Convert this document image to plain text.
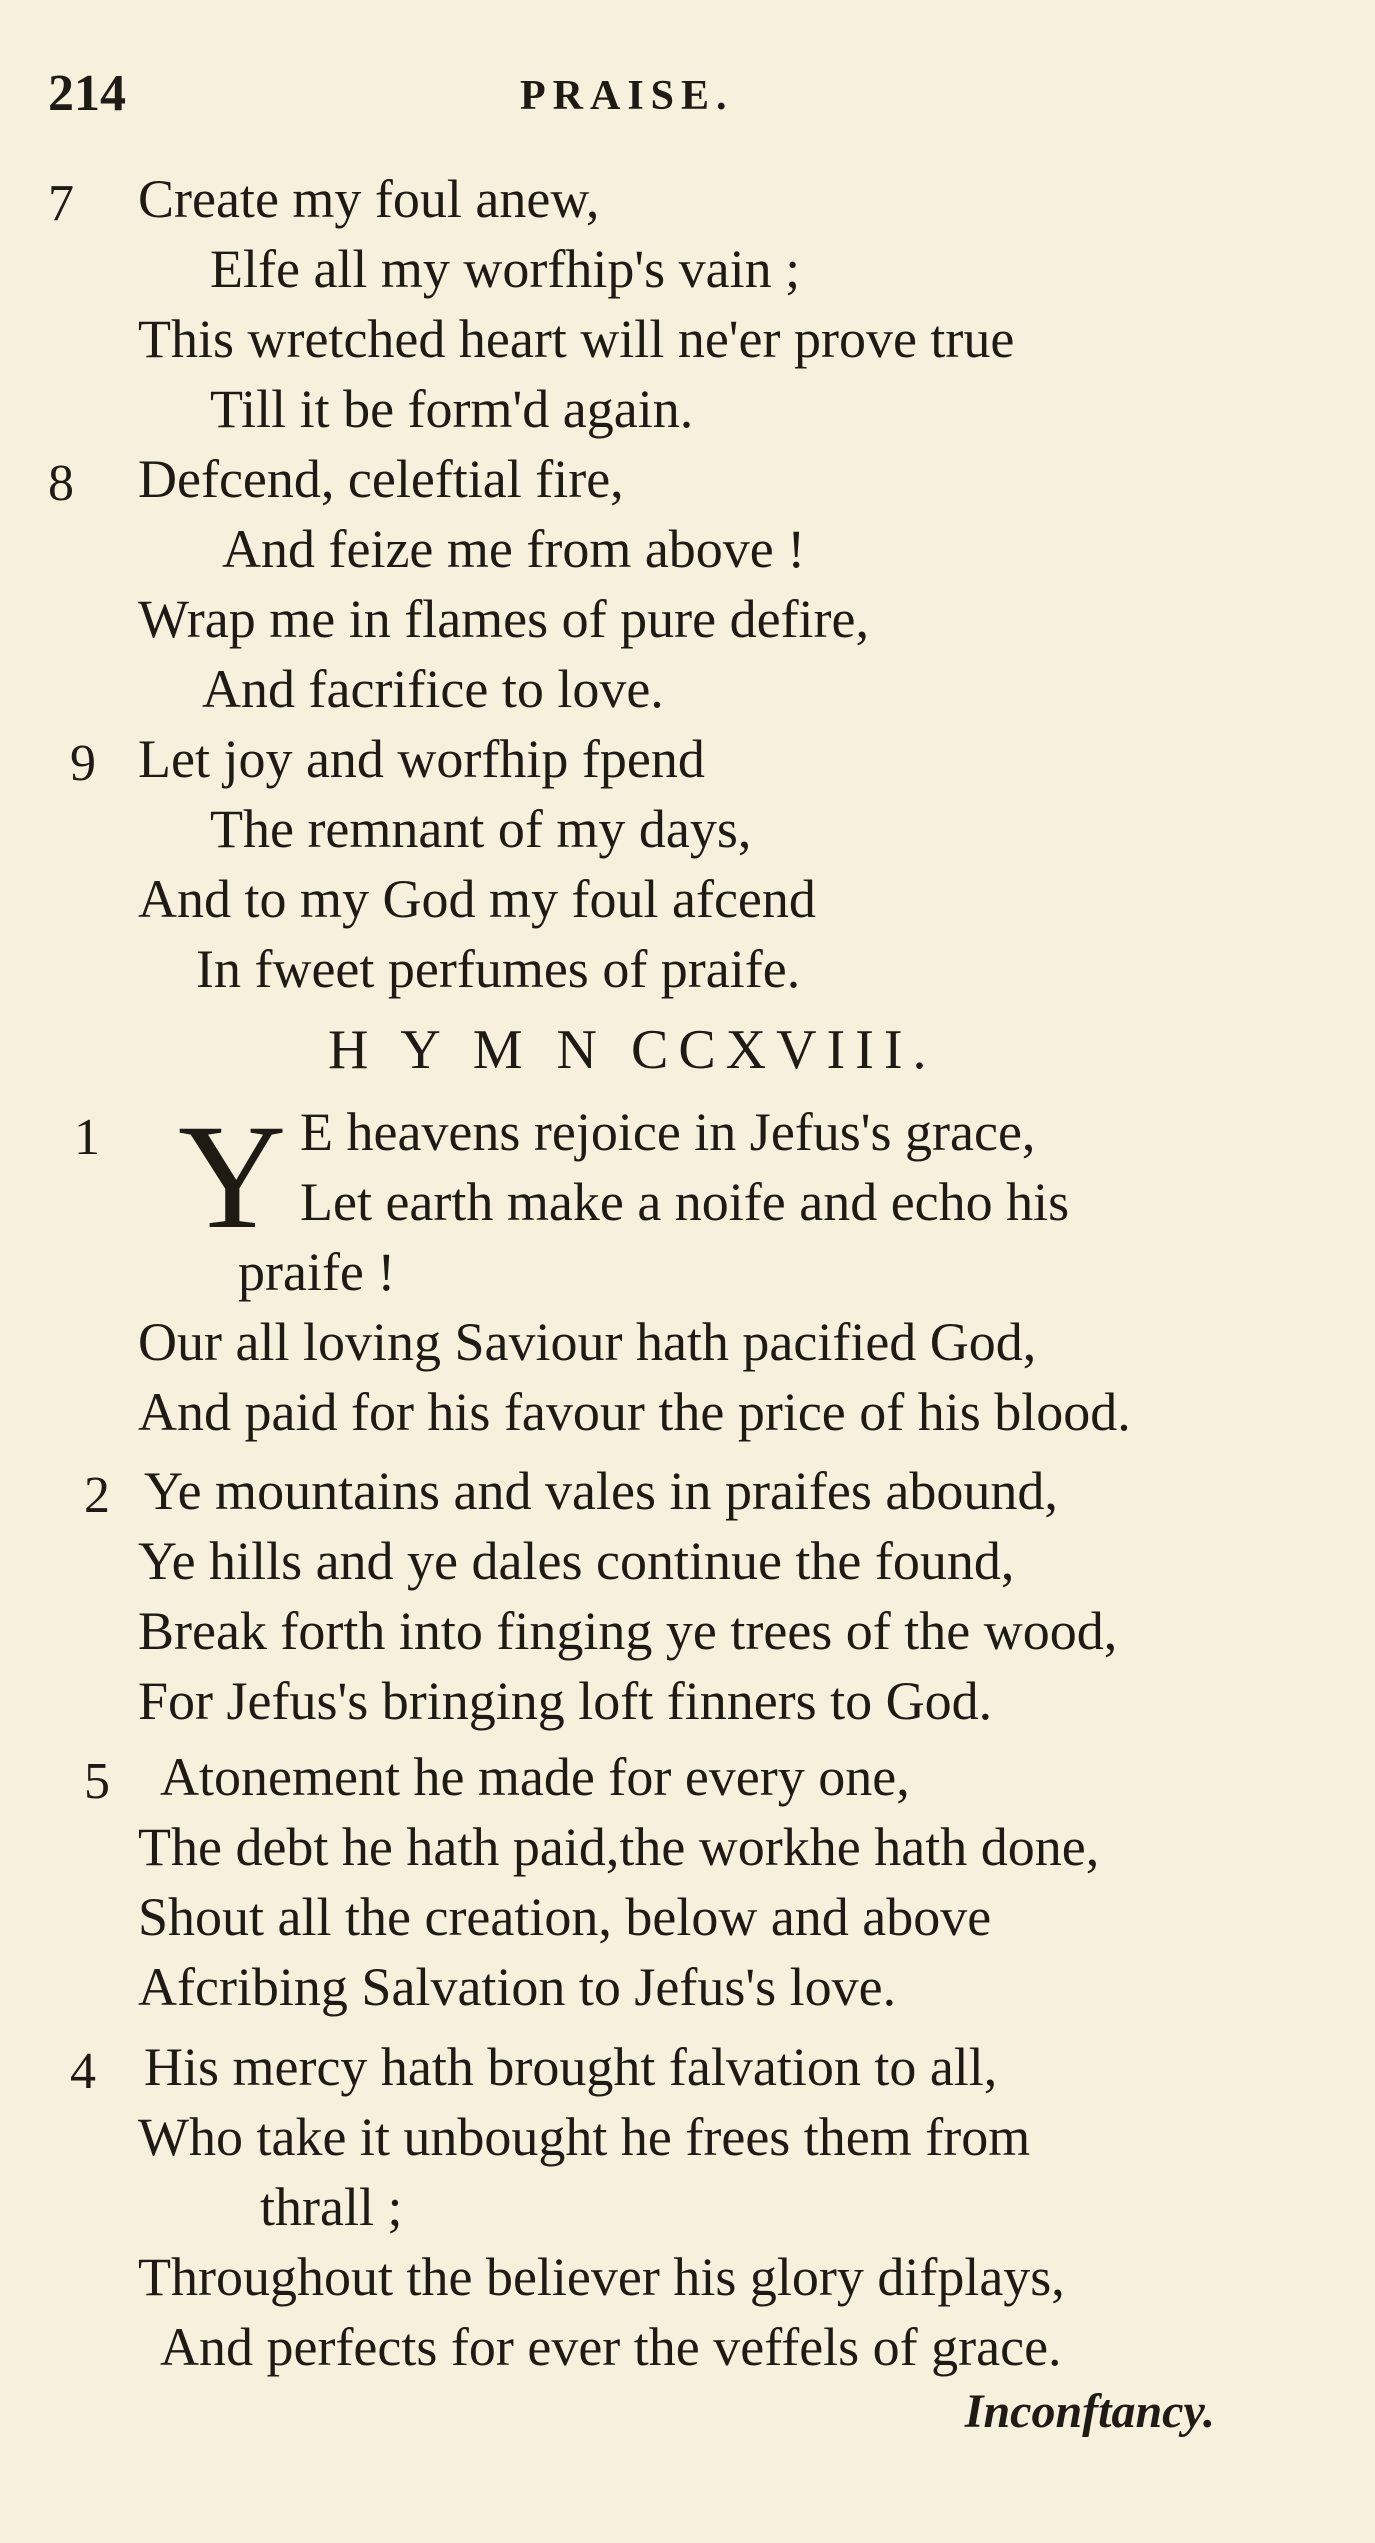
214	PRAISE.
7 Create my foul anew,
Elfe all my worfhip's vain ;
This wretched heart will ne'er prove true
Till it be form'd again.
8 Defcend, celeftial fire,
And feize me from above !
Wrap me in flames of pure defire,
And facrifice to love.
9 Let joy and worfhip fpend
The remnant of my days,
And to my God my foul afcend
In fweet perfumes of praife.
H Y M N CCXVIII.
1 Y E heavens rejoice in Jefus's grace,
Let earth make a noife and echo his
praife !
Our all loving Saviour hath pacified God,
And paid for his favour the price of his blood.
2 Ye mountains and vales in praifes abound,
Ye hills and ye dales continue the found,
Break forth into finging ye trees of the wood,
For Jefus's bringing loft finners to God.
5 Atonement he made for every one,
The debt he hath paid,the workhe hath done,
Shout all the creation, below and above
Afcribing Salvation to Jefus's love.
4 His mercy hath brought falvation to all,
Who take it unbought he frees them from
thrall ;
Throughout the believer his glory difplays,
And perfects for ever the veffels of grace.
Inconftancy.
